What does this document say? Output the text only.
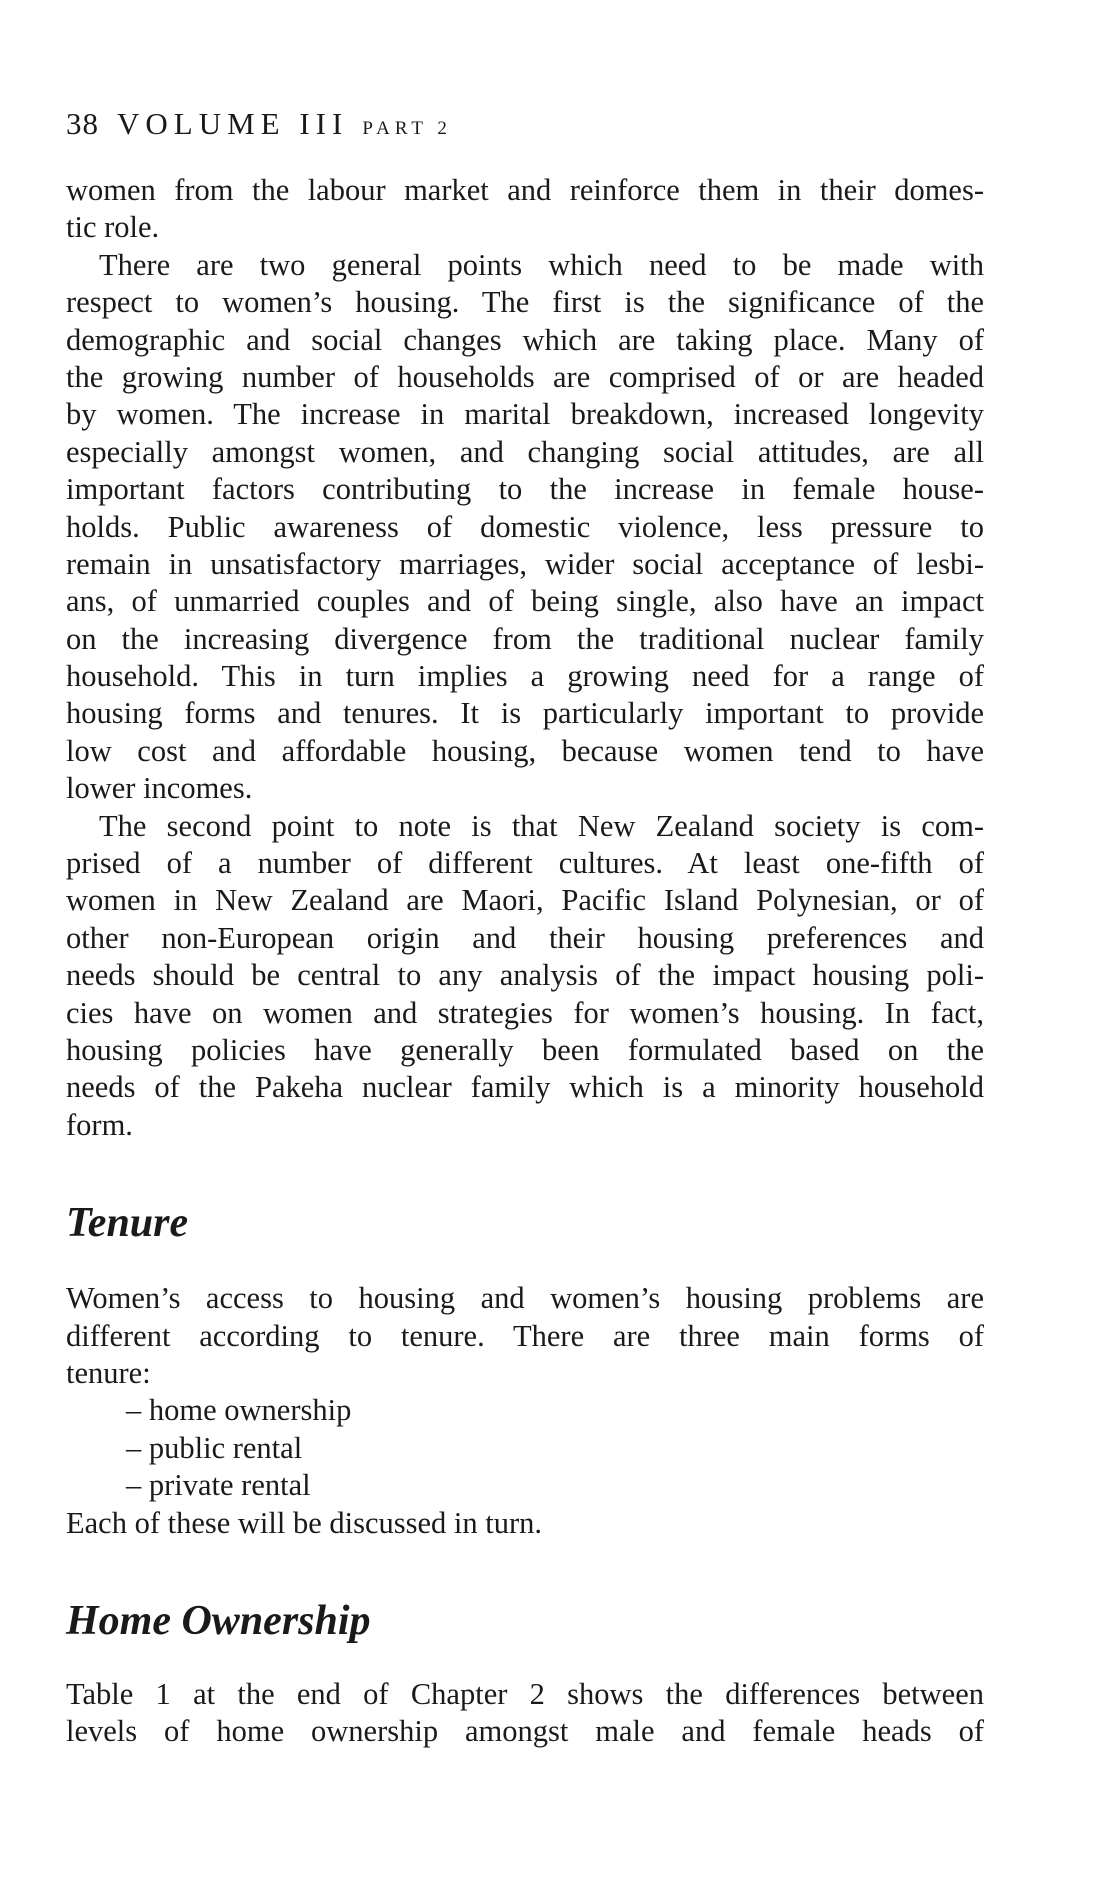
38 VOLUME III PART 2
women from the labour market and reinforce them in their domes-
tic role.
There are two general points which need to be made with
respect to women’s housing. The first is the significance of the
demographic and social changes which are taking place. Many of
the growing number of households are comprised of or are headed
by women. The increase in marital breakdown, increased longevity
especially amongst women, and changing social attitudes, are all
important factors contributing to the increase in female house-
holds. Public awareness of domestic violence, less pressure to
remain in unsatisfactory marriages, wider social acceptance of lesbi-
ans, of unmarried couples and of being single, also have an impact
on the increasing divergence from the traditional nuclear family
household. This in turn implies a growing need for a range of
housing forms and tenures. It is particularly important to provide
low cost and affordable housing, because women tend to have
lower incomes.
The second point to note is that New Zealand society is com-
prised of a number of different cultures. At least one-fifth of
women in New Zealand are Maori, Pacific Island Polynesian, or of
other non-European origin and their housing preferences and
needs should be central to any analysis of the impact housing poli-
cies have on women and strategies for women’s housing. In fact,
housing policies have generally been formulated based on the
needs of the Pakeha nuclear family which is a minority household
form.
Tenure
Women’s access to housing and women’s housing problems are
different according to tenure. There are three main forms of
tenure:
– home ownership
– public rental
– private rental
Each of these will be discussed in turn.
Home Ownership
Table 1 at the end of Chapter 2 shows the differences between
levels of home ownership amongst male and female heads of
